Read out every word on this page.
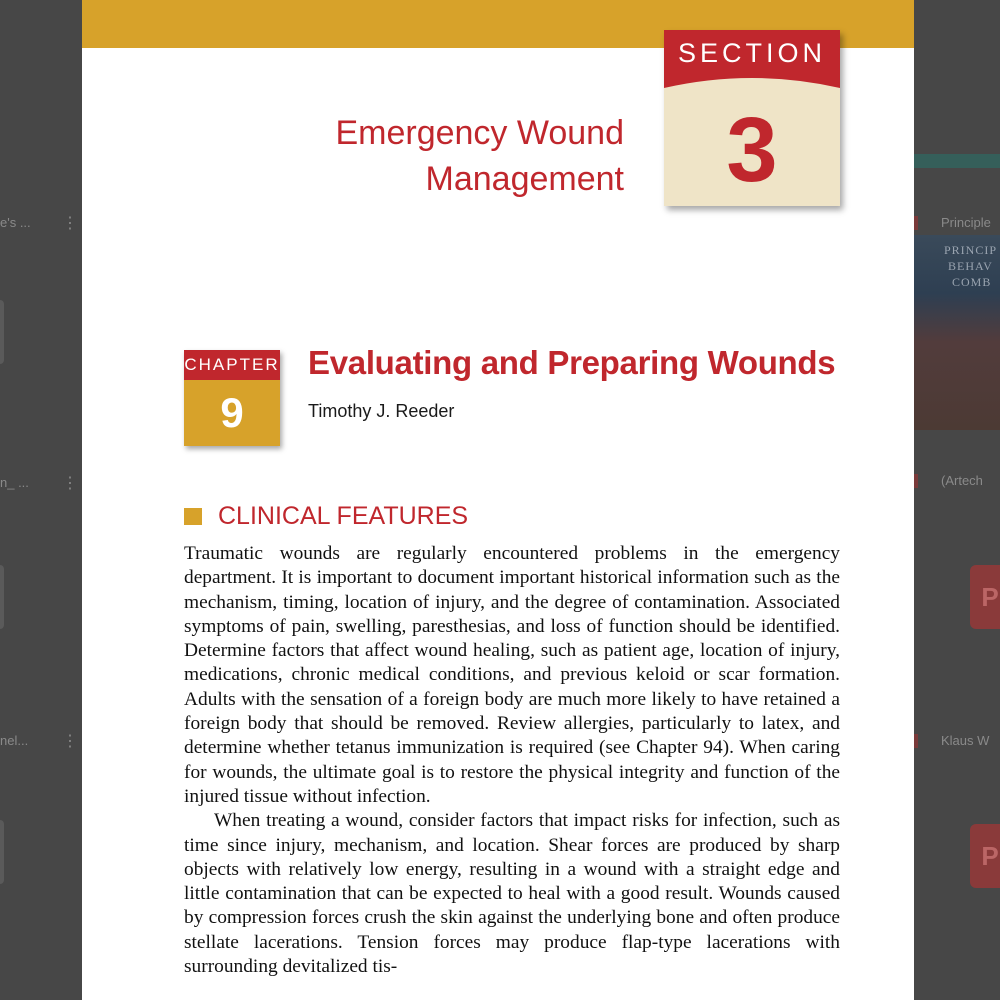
e's ... ⋮
n_ ... ⋮
nel... ⋮
Principle
PRINCIP
BEHAV
COMB
(Artech
P
Klaus W
P
Emergency Wound
Management
SECTION
3
CHAPTER
9
Evaluating and Preparing Wounds
Timothy J. Reeder
CLINICAL FEATURES

Traumatic wounds are regularly encountered problems in the emergency department. It is important to document important historical information such as the mechanism, timing, location of injury, and the degree of contamination. Associated symptoms of pain, swelling, paresthesias, and loss of function should be identified. Determine factors that affect wound healing, such as patient age, location of injury, medications, chronic medical conditions, and previous keloid or scar formation. Adults with the sensation of a foreign body are much more likely to have retained a foreign body that should be removed. Review allergies, particularly to latex, and determine whether tetanus immunization is required (see Chapter 94). When caring for wounds, the ultimate goal is to restore the physical integrity and function of the injured tissue without infection.

When treating a wound, consider factors that impact risks for infection, such as time since injury, mechanism, and location. Shear forces are produced by sharp objects with relatively low energy, resulting in a wound with a straight edge and little contamination that can be expected to heal with a good result. Wounds caused by compression forces crush the skin against the underlying bone and often produce stellate lacerations. Tension forces may produce flap-type lacerations with surrounding devitalized tis-
